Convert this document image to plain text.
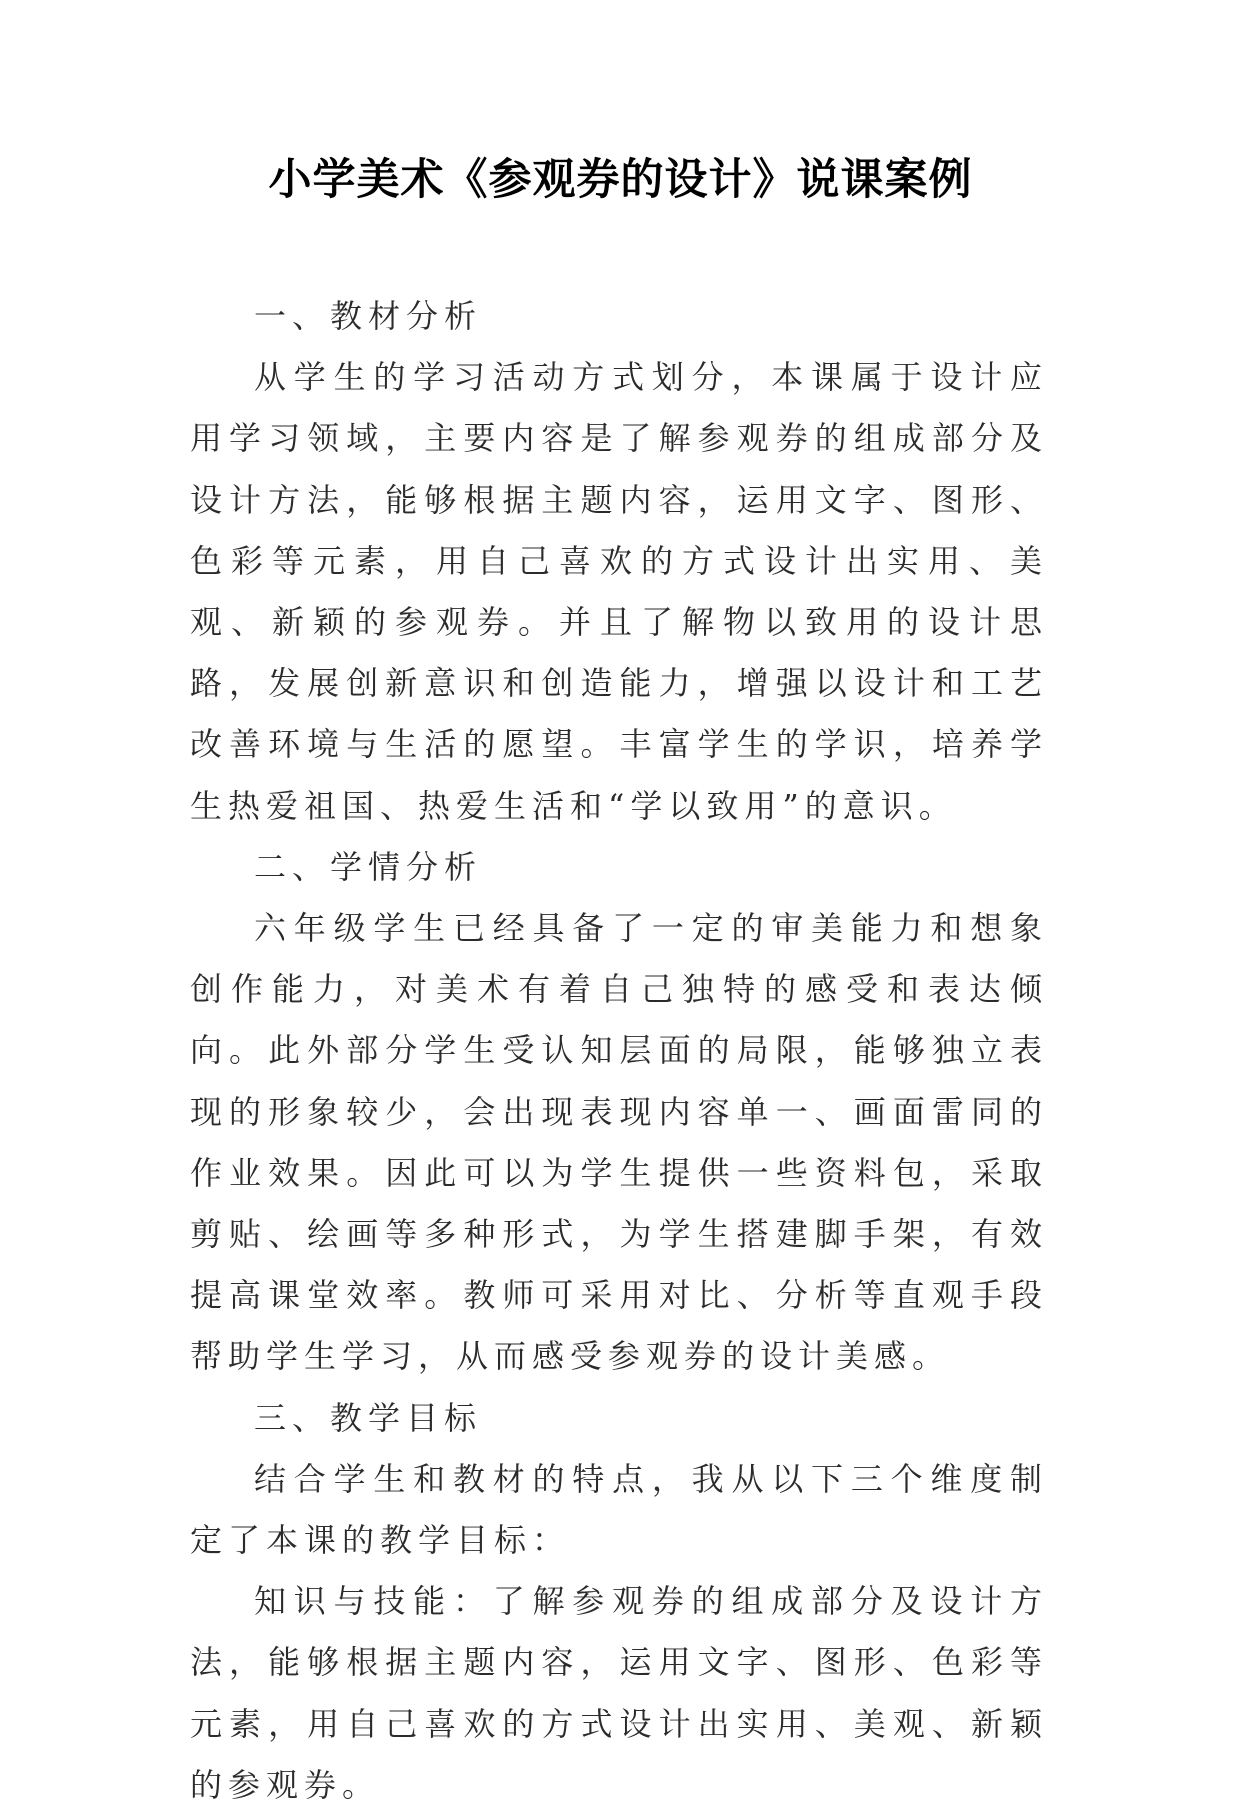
小学美术《参观券的设计》说课案例

一、教材分析

从学生的学习活动方式划分，本课属于设计应用学习领域，主要内容是了解参观券的组成部分及设计方法，能够根据主题内容，运用文字、图形、色彩等元素，用自己喜欢的方式设计出实用、美观、新颖的参观券。并且了解物以致用的设计思路，发展创新意识和创造能力，增强以设计和工艺改善环境与生活的愿望。丰富学生的学识，培养学生热爱祖国、热爱生活和“学以致用”的意识。

二、学情分析

六年级学生已经具备了一定的审美能力和想象创作能力，对美术有着自己独特的感受和表达倾向。此外部分学生受认知层面的局限，能够独立表现的形象较少，会出现表现内容单一、画面雷同的作业效果。因此可以为学生提供一些资料包，采取剪贴、绘画等多种形式，为学生搭建脚手架，有效提高课堂效率。教师可采用对比、分析等直观手段帮助学生学习，从而感受参观券的设计美感。

三、教学目标

结合学生和教材的特点，我从以下三个维度制定了本课的教学目标：

知识与技能：了解参观券的组成部分及设计方法，能够根据主题内容，运用文字、图形、色彩等元素，用自己喜欢的方式设计出实用、美观、新颖的参观券。
